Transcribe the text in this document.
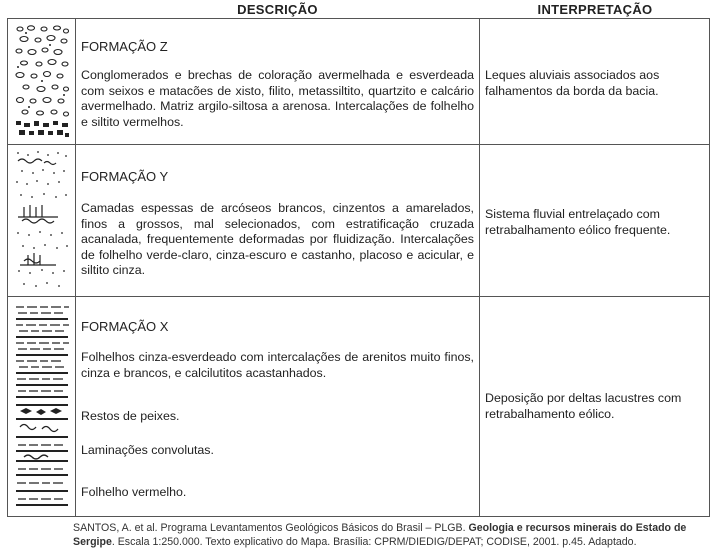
DESCRIÇÃO	INTERPRETAÇÃO
FORMAÇÃO Z
Conglomerados e brechas de coloração avermelhada e esverdeada com seixos e matacões de xisto, filito, metassiltito, quartzito e calcário avermelhado. Matriz argilo-siltosa a arenosa. Intercalações de folhelho e siltito vermelhos.
Leques aluviais associados aos falhamentos da borda da bacia.
FORMAÇÃO Y
Camadas espessas de arcóseos brancos, cinzentos a amarelados, finos a grossos, mal selecionados, com estratificação cruzada acanalada, frequentemente deformadas por fluidização. Intercalações de folhelho verde-claro, cinza-escuro e castanho, placoso e acicular, e siltito cinza.
Sistema fluvial entrelaçado com retrabalhamento eólico frequente.
FORMAÇÃO X
Folhelhos cinza-esverdeado com intercalações de arenitos muito finos, cinza e brancos, e calcilutitos acastanhados.
Restos de peixes.
Laminações convolutas.
Folhelho vermelho.
Deposição por deltas lacustres com retrabalhamento eólico.
SANTOS, A. et al. Programa Levantamentos Geológicos Básicos do Brasil – PLGB. Geologia e recursos minerais do Estado de Sergipe. Escala 1:250.000. Texto explicativo do Mapa. Brasília: CPRM/DIEDIG/DEPAT; CODISE, 2001. p.45. Adaptado.
